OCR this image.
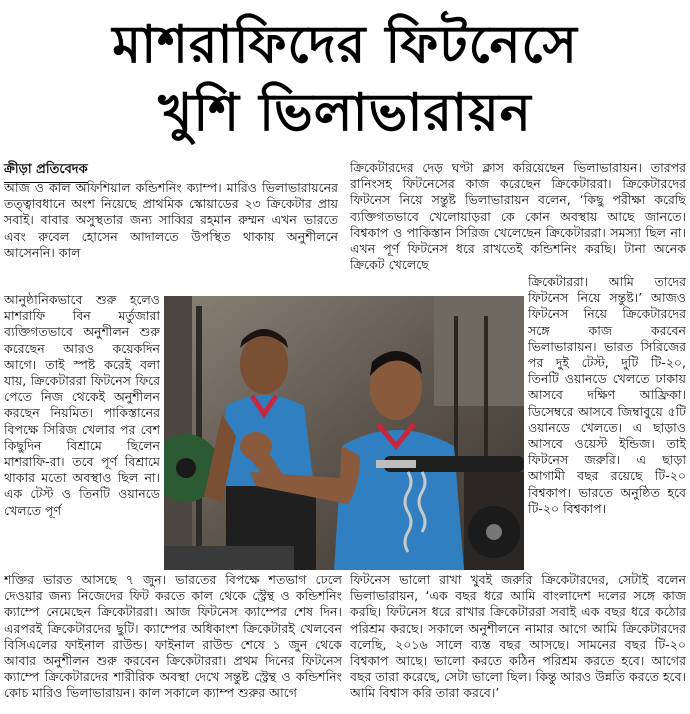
মাশরাফিদের ফিটনেসে
খুশি ভিলাভারায়ন
ক্রীড়া প্রতিবেদক
আজ ও কাল অফিশিয়াল কন্ডিশনিং ক্যাম্প। মারিও ভিলাভারায়নের তত্ত্বাবধানে অংশ নিয়েছে প্রাথমিক স্কোয়াডের ২৩ ক্রিকেটার প্রায় সবাই। বাবার অসুস্থতার জন্য সাব্বির রহমান রুম্মন এখন ভারতে এবং রুবেল হোসেন আদালতে উপস্থিত থাকায় অনুশীলনে আসেননি। কাল
আনুষ্ঠানিকভাবে শুরু হলেও মাশরাফি বিন মর্তুজারা ব্যক্তিগতভাবে অনুশীলন শুরু করেছেন আরও কয়েকদিন আগে। তাই স্পষ্ট করেই বলা যায়, ক্রিকেটাররা ফিটনেস ফিরে পেতে নিজ থেকেই অনুশীলন করছেন নিয়মিত। পাকিস্তানের বিপক্ষে সিরিজ খেলার পর বেশ কিছুদিন বিশ্রামে ছিলেন মাশরাফি-রা। তবে পূর্ণ বিশ্রামে থাকার মতো অবস্থাও ছিল না। এক টেস্ট ও তিনটি ওয়ানডে খেলতে পূর্ণ
ক্রিকেটারদের দেড় ঘণ্টা ক্লাস করিয়েছেন ভিলাভারায়ন। তারপর রানিংসহ ফিটনেসের কাজ করেছেন ক্রিকেটাররা। ক্রিকেটারদের ফিটনেস নিয়ে সন্তুষ্ট ভিলাভারায়ন বলেন, ‘কিছু পরীক্ষা করেছি ব্যক্তিগতভাবে খেলোয়াড়রা কে কোন অবস্থায় আছে জানতে। বিশ্বকাপ ও পাকিস্তান সিরিজ খেলেছেন ক্রিকেটাররা। সমস্যা ছিল না। এখন পূর্ণ ফিটনেস ধরে রাখতেই কন্ডিশনিং করছি। টানা অনেক ক্রিকেট খেলেছে
ক্রিকেটাররা। আমি তাদের ফিটনেস নিয়ে সন্তুষ্ট।’ আজও ফিটনেস নিয়ে ক্রিকেটারদের সঙ্গে কাজ করবেন ভিলাভারায়ন। ভারত সিরিজের পর দুই টেস্ট, দুটি টি-২০, তিনটি ওয়ানডে খেলতে ঢাকায় আসবে দক্ষিণ আফ্রিকা। ডিসেম্বরে আসবে জিম্বাবুয়ে ৫টি ওয়ানডে খেলতে। এ ছাড়াও আসবে ওয়েস্ট ইন্ডিজ। তাই ফিটনেস জরুরি। এ ছাড়া আগামী বছর রয়েছে টি-২০ বিশ্বকাপ। ভারতে অনুষ্ঠিত হবে টি-২০ বিশ্বকাপ।
শক্তির ভারত আসছে ৭ জুন। ভারতের বিপক্ষে শতভাগ ঢেলে দেওয়ার জন্য নিজেদের ফিট করতে কাল থেকে স্ট্রেন্থ ও কন্ডিশনিং ক্যাম্পে নেমেছেন ক্রিকেটাররা। আজ ফিটনেস ক্যাম্পের শেষ দিন। এরপরই ক্রিকেটারদের ছুটি। ক্যাম্পের অধিকাংশ ক্রিকেটারই খেলবেন বিসিএলের ফাইনাল রাউন্ড। ফাইনাল রাউন্ড শেষে ১ জুন থেকে আবার অনুশীলন শুরু করবেন ক্রিকেটাররা। প্রথম দিনের ফিটনেস ক্যাম্পে ক্রিকেটারদের শারীরিক অবস্থা দেখে সন্তুষ্ট স্ট্রেন্থ ও কন্ডিশনিং কোচ মারিও ভিলাভারায়ন। কাল সকালে ক্যাম্প শুরুর আগে
ফিটনেস ভালো রাখা খুবই জরুরি ক্রিকেটারদের, সেটাই বলেন ভিলাভারায়ন, ‘এক বছর ধরে আমি বাংলাদেশ দলের সঙ্গে কাজ করছি। ফিটনেস ধরে রাখার ক্রিকেটাররা সবাই এক বছর ধরে কঠোর পরিশ্রম করছে। সকালে অনুশীলনে নামার আগে আমি ক্রিকেটারদের বলেছি, ২০১৬ সালে ব্যস্ত বছর আসছে। সামনের বছর টি-২০ বিশ্বকাপ আছে। ভালো করতে কঠিন পরিশ্রম করতে হবে। আগের বছর তারা করেছে, সেটা ভালো ছিল। কিন্তু আরও উন্নতি করতে হবে। আমি বিশ্বাস করি তারা করবে।’
